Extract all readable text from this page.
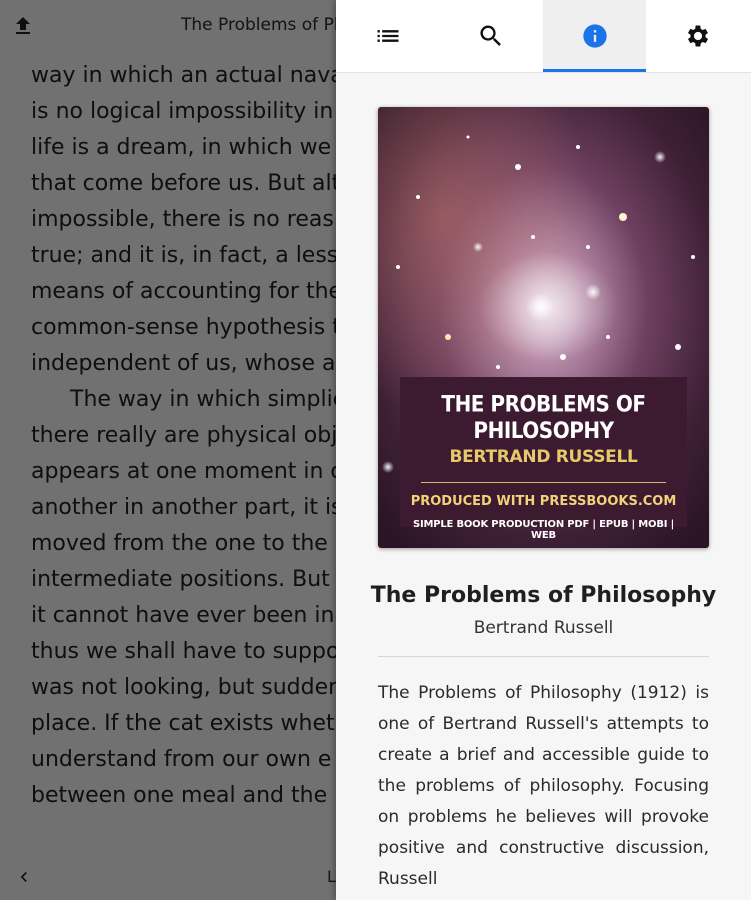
THE PROBLEMS OF PHILOSOPHY
BERTRAND RUSSELL
PRODUCED WITH PRESSBOOKS.COM
SIMPLE BOOK PRODUCTION PDF | EPUB | MOBI | WEB
The Problems of Philosophy
Bertrand Russell
The Problems of Philosophy (1912) is one of Bertrand Russell's attempts to create a brief and accessible guide to the problems of philosophy. Focusing on problems he believes will provoke positive and constructive discussion, Russell
